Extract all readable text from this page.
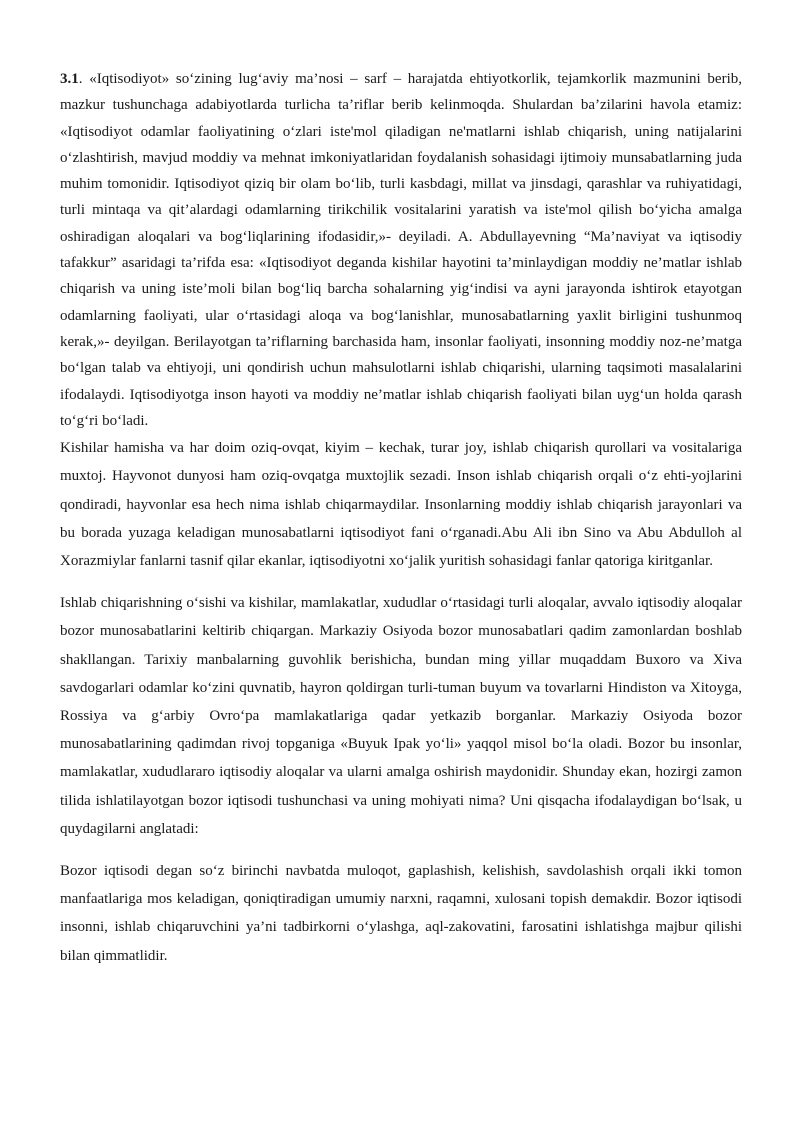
3.1. «Iqtisodiyot» so‘zining lug‘aviy ma’nosi – sarf – harajatda ehtiyotkorlik, tejamkorlik mazmunini berib, mazkur tushunchaga adabiyotlarda turlicha ta’riflar berib kelinmoqda. Shulardan ba’zilarini havola etamiz: «Iqtisodiyot odamlar faoliyatining o‘zlari iste'mol qiladigan ne'matlarni ishlab chiqarish, uning natijalarini o‘zlashtirish, mavjud moddiy va mehnat imkoniyatlaridan foydalanish sohasidagi ijtimoiy munsabatlarning juda muhim tomonidir. Iqtisodiyot qiziq bir olam bo‘lib, turli kasbdagi, millat va jinsdagi, qarashlar va ruhiyatidagi, turli mintaqa va qit’alardagi odamlarning tirikchilik vositalarini yaratish va iste'mol qilish bo‘yicha amalga oshiradigan aloqalari va bog‘liqlarining ifodasidir,»- deyiladi. A. Abdullayevning “Ma’naviyat va iqtisodiy tafakkur” asaridagi ta’rifda esa: «Iqtisodiyot deganda kishilar hayotini ta’minlaydigan moddiy ne’matlar ishlab chiqarish va uning iste’moli bilan bog‘liq barcha sohalarning yig‘indisi va ayni jarayonda ishtirok etayotgan odamlarning faoliyati, ular o‘rtasidagi aloqa va bog‘lanishlar, munosabatlarning yaxlit birligini tushunmoq kerak,»- deyilgan. Berilayotgan ta’riflarning barchasida ham, insonlar faoliyati, insonning moddiy noz-ne’matga bo‘lgan talab va ehtiyoji, uni qondirish uchun mahsulotlarni ishlab chiqarishi, ularning taqsimoti masalalarini ifodalaydi. Iqtisodiyotga inson hayoti va moddiy ne’matlar ishlab chiqarish faoliyati bilan uyg‘un holda qarash to‘g‘ri bo‘ladi.

Kishilar hamisha va har doim oziq-ovqat, kiyim – kechak, turar joy, ishlab chiqarish qurollari va vositalariga muxtoj. Hayvonot dunyosi ham oziq-ovqatga muxtojlik sezadi. Inson ishlab chiqarish orqali o‘z ehti-yojlarini qondiradi, hayvonlar esa hech nima ishlab chiqarmaydilar. Insonlarning moddiy ishlab chiqarish jarayonlari va bu borada yuzaga keladigan munosabatlarni iqtisodiyot fani o‘rganadi.Abu Ali ibn Sino va Abu Abdulloh al Xorazmiylar fanlarni tasnif qilar ekanlar, iqtisodiyotni xo‘jalik yuritish sohasidagi fanlar qatoriga kiritganlar.

Ishlab chiqarishning o‘sishi va kishilar, mamlakatlar, xududlar o‘rtasidagi turli aloqalar, avvalo iqtisodiy aloqalar bozor munosabatlarini keltirib chiqargan. Markaziy Osiyoda bozor munosabatlari qadim zamonlardan boshlab shakllangan. Tarixiy manbalarning guvohlik berishicha, bundan ming yillar muqaddam Buxoro va Xiva savdogarlari odamlar ko‘zini quvnatib, hayron qoldirgan turli-tuman buyum va tovarlarni Hindiston va Xitoyga, Rossiya va g‘arbiy Ovro‘pa mamlakatlariga qadar yetkazib borganlar. Markaziy Osiyoda bozor munosabatlarining qadimdan rivoj topganiga «Buyuk Ipak yo‘li» yaqqol misol bo‘la oladi. Bozor bu insonlar, mamlakatlar, xududlararo iqtisodiy aloqalar va ularni amalga oshirish maydonidir. Shunday ekan, hozirgi zamon tilida ishlatilayotgan bozor iqtisodi tushunchasi va uning mohiyati nima? Uni qisqacha ifodalaydigan bo‘lsak, u quydagilarni anglatadi:

Bozor iqtisodi degan so‘z birinchi navbatda muloqot, gaplashish, kelishish, savdolashish orqali ikki tomon manfaatlariga mos keladigan, qoniqtiradigan umumiy narxni, raqamni, xulosani topish demakdir. Bozor iqtisodi insonni, ishlab chiqaruvchini ya’ni tadbirkorni o‘ylashga, aql-zakovatini, farosatini ishlatishga majbur qilishi bilan qimmatlidir.
